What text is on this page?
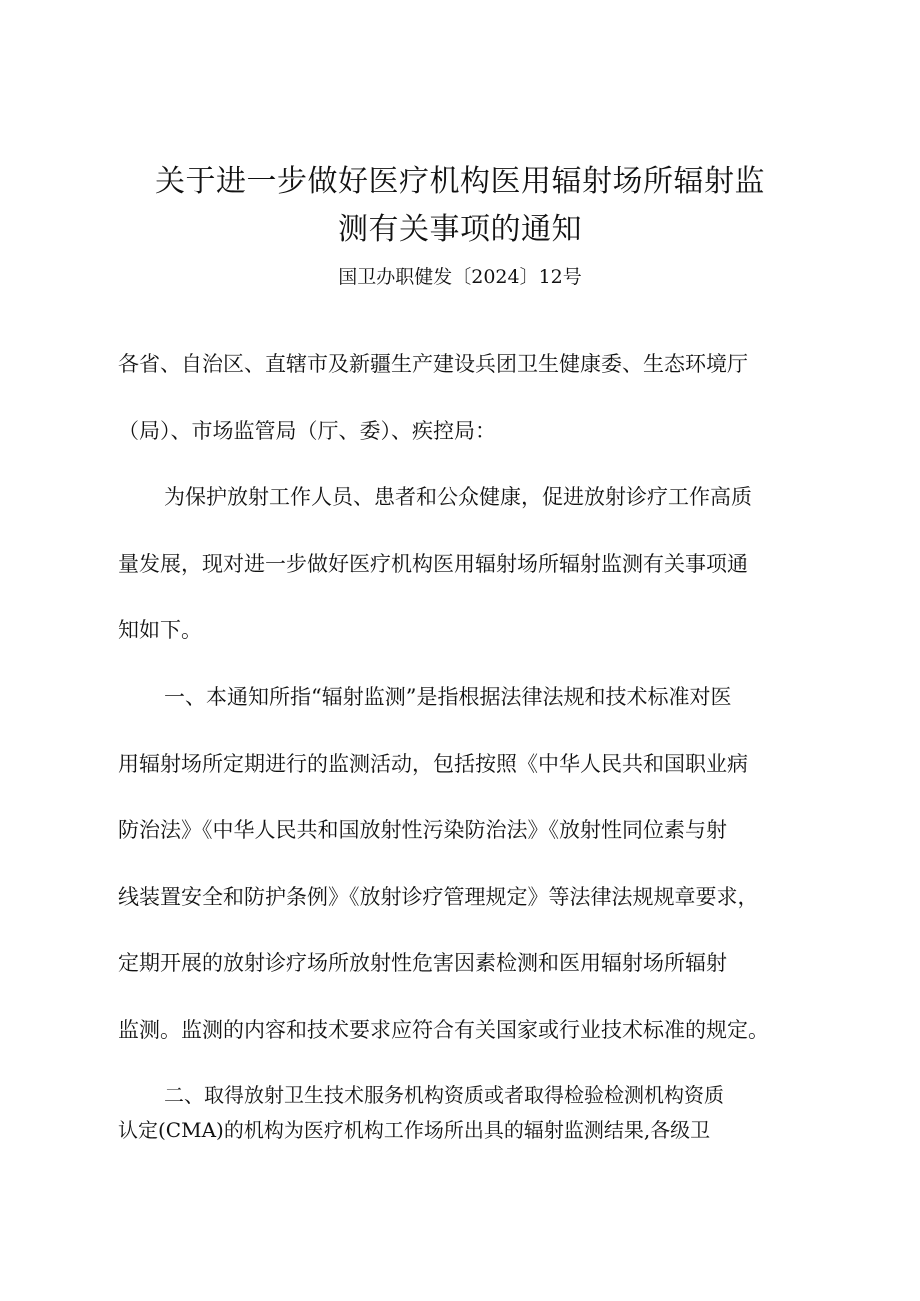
关于进一步做好医疗机构医用辐射场所辐射监
测有关事项的通知
国卫办职健发〔2024〕12号

各省、自治区、直辖市及新疆生产建设兵团卫生健康委、生态环境厅
（局）、市场监管局（厅、委）、疾控局：

为保护放射工作人员、患者和公众健康，促进放射诊疗工作高质
量发展，现对进一步做好医疗机构医用辐射场所辐射监测有关事项通
知如下。

一、本通知所指“辐射监测”是指根据法律法规和技术标准对医
用辐射场所定期进行的监测活动，包括按照《中华人民共和国职业病
防治法》《中华人民共和国放射性污染防治法》《放射性同位素与射
线装置安全和防护条例》《放射诊疗管理规定》等法律法规规章要求，
定期开展的放射诊疗场所放射性危害因素检测和医用辐射场所辐射
监测。监测的内容和技术要求应符合有关国家或行业技术标准的规定。

二、取得放射卫生技术服务机构资质或者取得检验检测机构资质
认定(CMA)的机构为医疗机构工作场所出具的辐射监测结果,各级卫
